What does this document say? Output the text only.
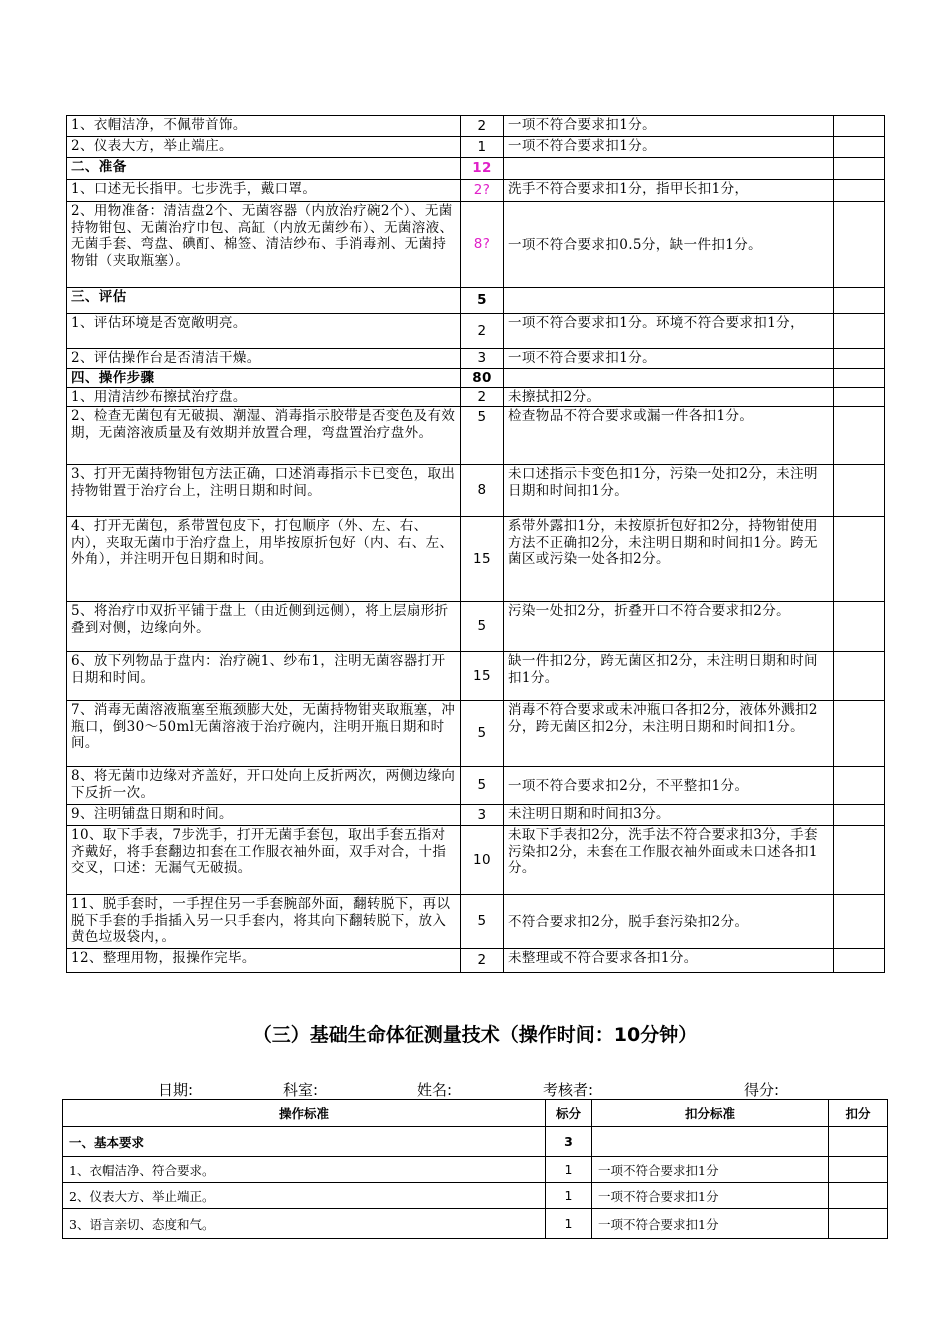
1、衣帽洁净，不佩带首饰。	2	一项不符合要求扣1分。	
2、仪表大方，举止端庄。	1	一项不符合要求扣1分。	
二、准备	12		
1、口述无长指甲。七步洗手，戴口罩。	2?	洗手不符合要求扣1分，指甲长扣1分，	
2、用物准备：清洁盘2个、无菌容器（内放治疗碗2个）、无菌持物钳包、无菌治疗巾包、高缸（内放无菌纱布）、无菌溶液、无菌手套、弯盘、碘酊、棉签、清洁纱布、手消毒剂、无菌持物钳（夹取瓶塞）。	8?	一项不符合要求扣0.5分，缺一件扣1分。	
三、评估	5		
1、评估环境是否宽敞明亮。	2	一项不符合要求扣1分。环境不符合要求扣1分，	
2、评估操作台是否清洁干燥。	3	一项不符合要求扣1分。	
四、操作步骤	80		
1、用清洁纱布擦拭治疗盘。	2	未擦拭扣2分。	
2、检查无菌包有无破损、潮湿、消毒指示胶带是否变色及有效期，无菌溶液质量及有效期并放置合理，弯盘置治疗盘外。	5	检查物品不符合要求或漏一件各扣1分。	
3、打开无菌持物钳包方法正确，口述消毒指示卡已变色，取出持物钳置于治疗台上，注明日期和时间。	8	未口述指示卡变色扣1分，污染一处扣2分，未注明日期和时间扣1分。	
4、打开无菌包，系带置包皮下，打包顺序（外、左、右、内），夹取无菌巾于治疗盘上，用毕按原折包好（内、右、左、外角），并注明开包日期和时间。	15	系带外露扣1分，未按原折包好扣2分，持物钳使用方法不正确扣2分，未注明日期和时间扣1分。跨无菌区或污染一处各扣2分。	
5、将治疗巾双折平铺于盘上（由近侧到远侧），将上层扇形折叠到对侧，边缘向外。	5	污染一处扣2分，折叠开口不符合要求扣2分。	
6、放下列物品于盘内：治疗碗1、纱布1，注明无菌容器打开日期和时间。	15	缺一件扣2分，跨无菌区扣2分，未注明日期和时间扣1分。	
7、消毒无菌溶液瓶塞至瓶颈膨大处，无菌持物钳夹取瓶塞，冲瓶口，倒30～50ml无菌溶液于治疗碗内，注明开瓶日期和时间。	5	消毒不符合要求或未冲瓶口各扣2分，液体外溅扣2分，跨无菌区扣2分，未注明日期和时间扣1分。	
8、将无菌巾边缘对齐盖好，开口处向上反折两次，两侧边缘向下反折一次。	5	一项不符合要求扣2分，不平整扣1分。	
9、注明铺盘日期和时间。	3	未注明日期和时间扣3分。	
10、取下手表，7步洗手，打开无菌手套包，取出手套五指对齐戴好，将手套翻边扣套在工作服衣袖外面，双手对合，十指交叉，口述：无漏气无破损。	10	未取下手表扣2分，洗手法不符合要求扣3分，手套污染扣2分，未套在工作服衣袖外面或未口述各扣1分。	
11、脱手套时，一手捏住另一手套腕部外面，翻转脱下，再以脱下手套的手指插入另一只手套内，将其向下翻转脱下，放入黄色垃圾袋内，。	5	不符合要求扣2分，脱手套污染扣2分。	
12、整理用物，报操作完毕。	2	未整理或不符合要求各扣1分。	
（三）基础生命体征测量技术（操作时间：10分钟）
日期:	科室:	姓名:	考核者:	得分:
操作标准	标分	扣分标准	扣分
一、基本要求	3		
1、衣帽洁净、符合要求。	1	一项不符合要求扣1分	
2、仪表大方、举止端正。	1	一项不符合要求扣1分	
3、语言亲切、态度和气。	1	一项不符合要求扣1分	
